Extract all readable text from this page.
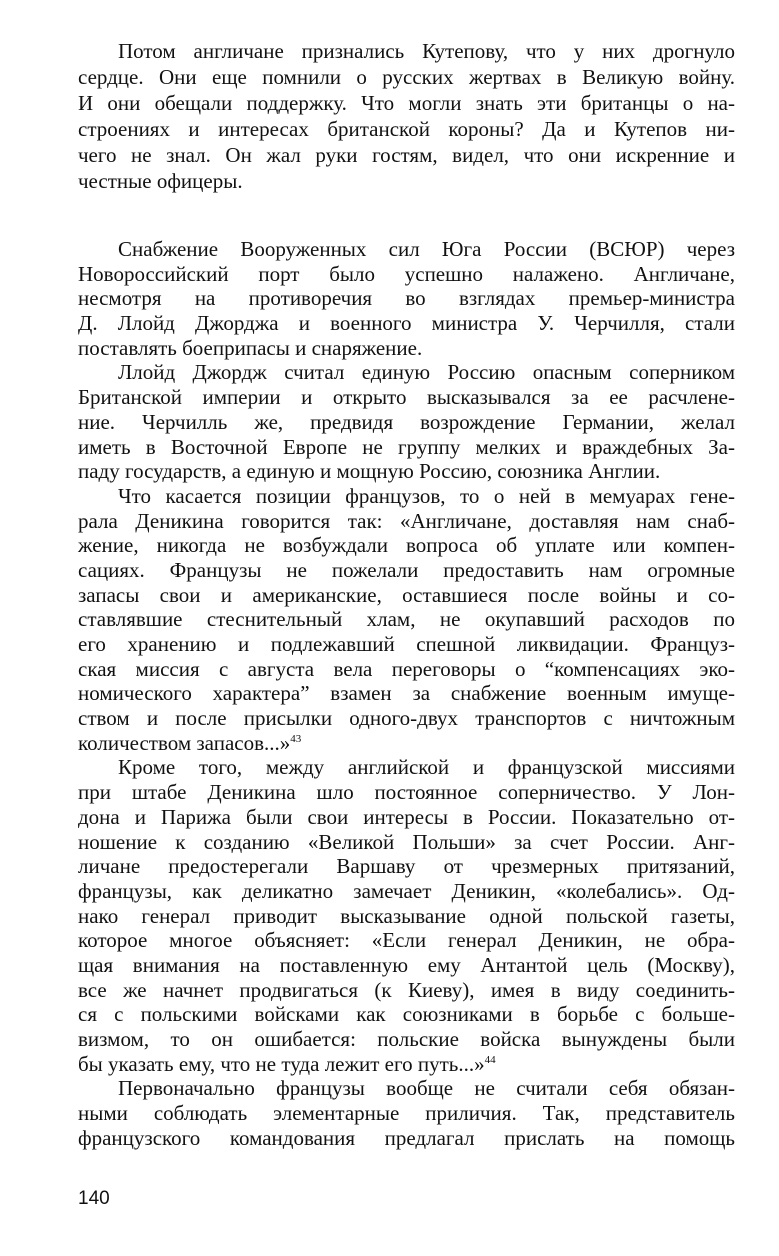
Потом англичане признались Кутепову, что у них дрогнуло
сердце. Они еще помнили о русских жертвах в Великую войну.
И они обещали поддержку. Что могли знать эти британцы о на-
строениях и интересах британской короны? Да и Кутепов ни-
чего не знал. Он жал руки гостям, видел, что они искренние и
честные офицеры.
Снабжение Вооруженных сил Юга России (ВСЮР) через
Новороссийский порт было успешно налажено. Англичане,
несмотря на противоречия во взглядах премьер-министра
Д. Ллойд Джорджа и военного министра У. Черчилля, стали
поставлять боеприпасы и снаряжение.
Ллойд Джордж считал единую Россию опасным соперником
Британской империи и открыто высказывался за ее расчлене-
ние. Черчилль же, предвидя возрождение Германии, желал
иметь в Восточной Европе не группу мелких и враждебных За-
паду государств, а единую и мощную Россию, союзника Англии.
Что касается позиции французов, то о ней в мемуарах гене-
рала Деникина говорится так: «Англичане, доставляя нам снаб-
жение, никогда не возбуждали вопроса об уплате или компен-
сациях. Французы не пожелали предоставить нам огромные
запасы свои и американские, оставшиеся после войны и со-
ставлявшие стеснительный хлам, не окупавший расходов по
его хранению и подлежавший спешной ликвидации. Француз-
ская миссия с августа вела переговоры о “компенсациях эко-
номического характера” взамен за снабжение военным имуще-
ством и после присылки одного-двух транспортов с ничтожным
количеством запасов...»$^{43}$
Кроме того, между английской и французской миссиями
при штабе Деникина шло постоянное соперничество. У Лон-
дона и Парижа были свои интересы в России. Показательно от-
ношение к созданию «Великой Польши» за счет России. Анг-
личане предостерегали Варшаву от чрезмерных притязаний,
французы, как деликатно замечает Деникин, «колебались». Од-
нако генерал приводит высказывание одной польской газеты,
которое многое объясняет: «Если генерал Деникин, не обра-
щая внимания на поставленную ему Антантой цель (Москву),
все же начнет продвигаться (к Киеву), имея в виду соединить-
ся с польскими войсками как союзниками в борьбе с больше-
визмом, то он ошибается: польские войска вынуждены были
бы указать ему, что не туда лежит его путь...»$^{44}$
Первоначально французы вообще не считали себя обязан-
ными соблюдать элементарные приличия. Так, представитель
французского командования предлагал прислать на помощь
140
